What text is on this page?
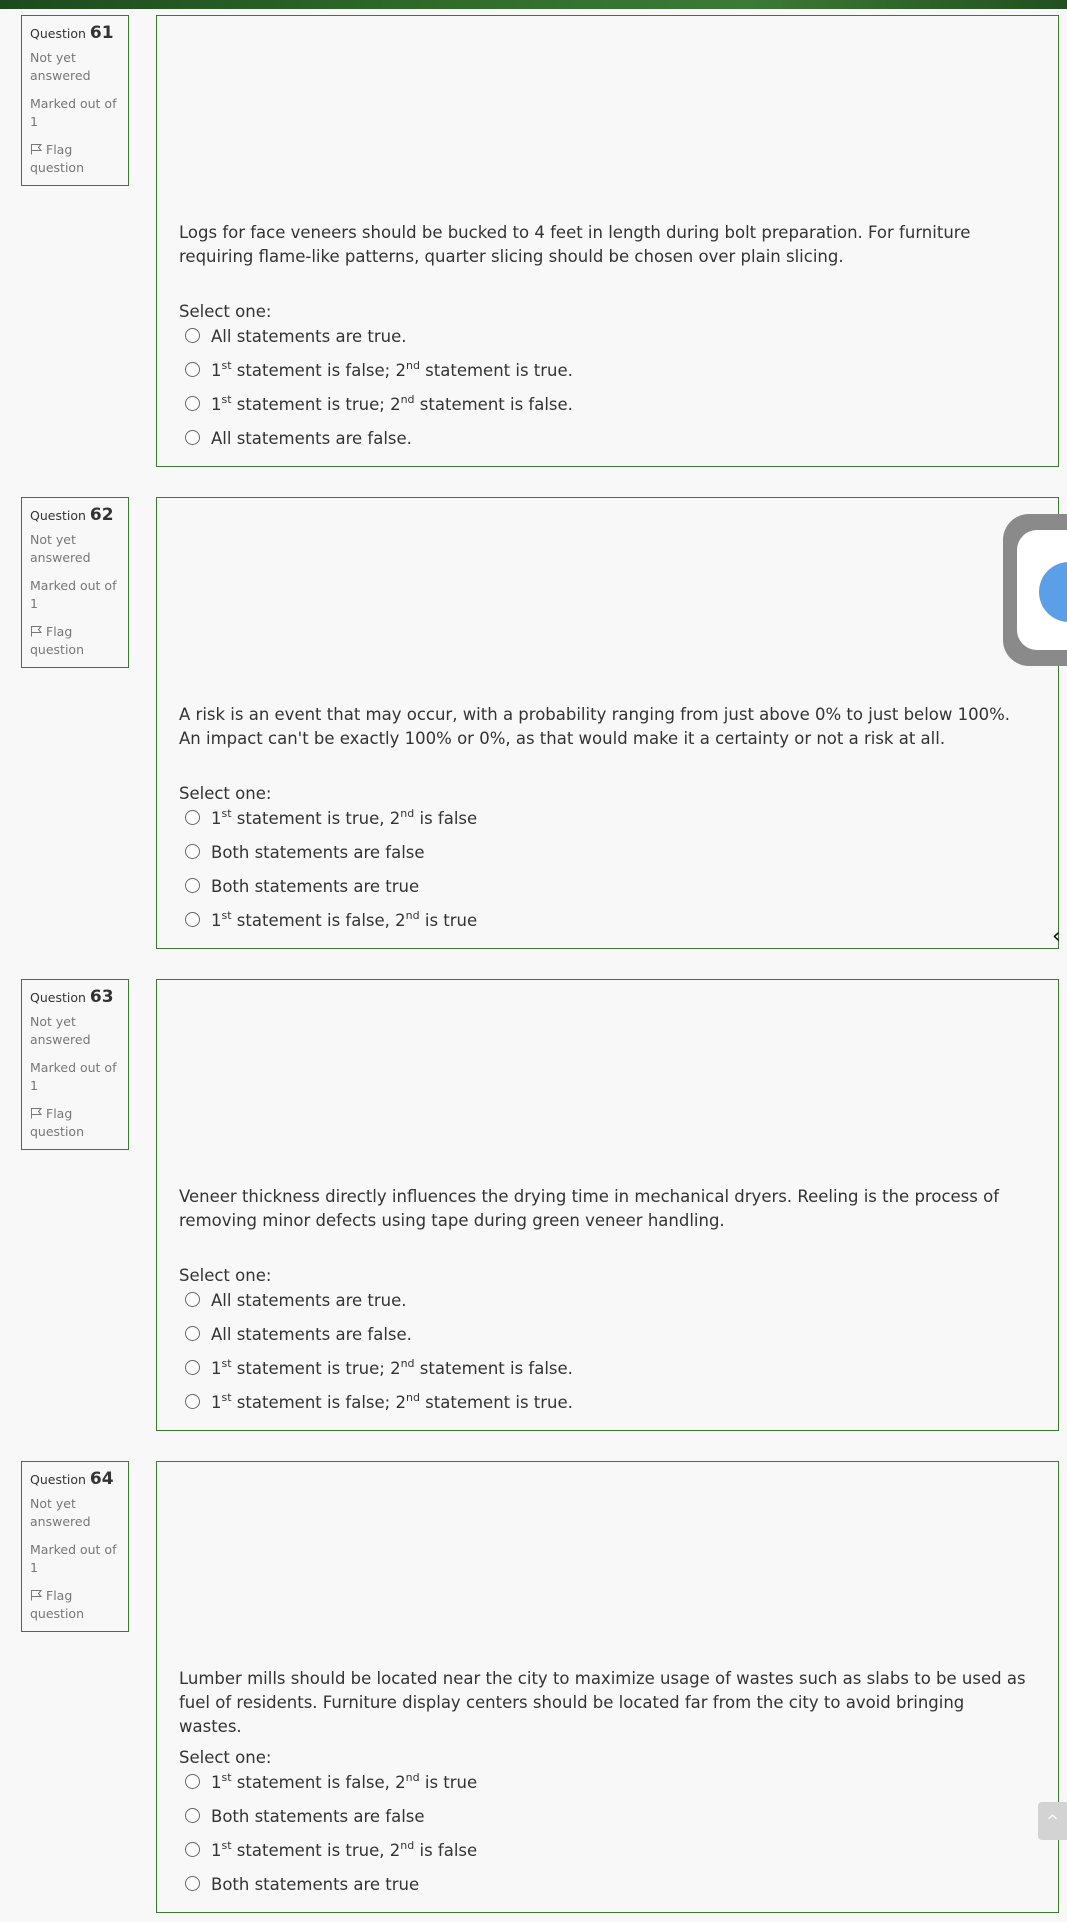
Question 61
Not yet answered
Marked out of 1
Flag question
Logs for face veneers should be bucked to 4 feet in length during bolt preparation. For furniture requiring flame-like patterns, quarter slicing should be chosen over plain slicing.
Select one:
All statements are true.
1st statement is false; 2nd statement is true.
1st statement is true; 2nd statement is false.
All statements are false.
Question 62
Not yet answered
Marked out of 1
Flag question
A risk is an event that may occur, with a probability ranging from just above 0% to just below 100%. An impact can't be exactly 100% or 0%, as that would make it a certainty or not a risk at all.
Select one:
1st statement is true, 2nd is false
Both statements are false
Both statements are true
1st statement is false, 2nd is true
Question 63
Not yet answered
Marked out of 1
Flag question
Veneer thickness directly influences the drying time in mechanical dryers. Reeling is the process of removing minor defects using tape during green veneer handling.
Select one:
All statements are true.
All statements are false.
1st statement is true; 2nd statement is false.
1st statement is false; 2nd statement is true.
Question 64
Not yet answered
Marked out of 1
Flag question
Lumber mills should be located near the city to maximize usage of wastes such as slabs to be used as fuel of residents. Furniture display centers should be located far from the city to avoid bringing wastes.
Select one:
1st statement is false, 2nd is true
Both statements are false
1st statement is true, 2nd is false
Both statements are true
‹
^
